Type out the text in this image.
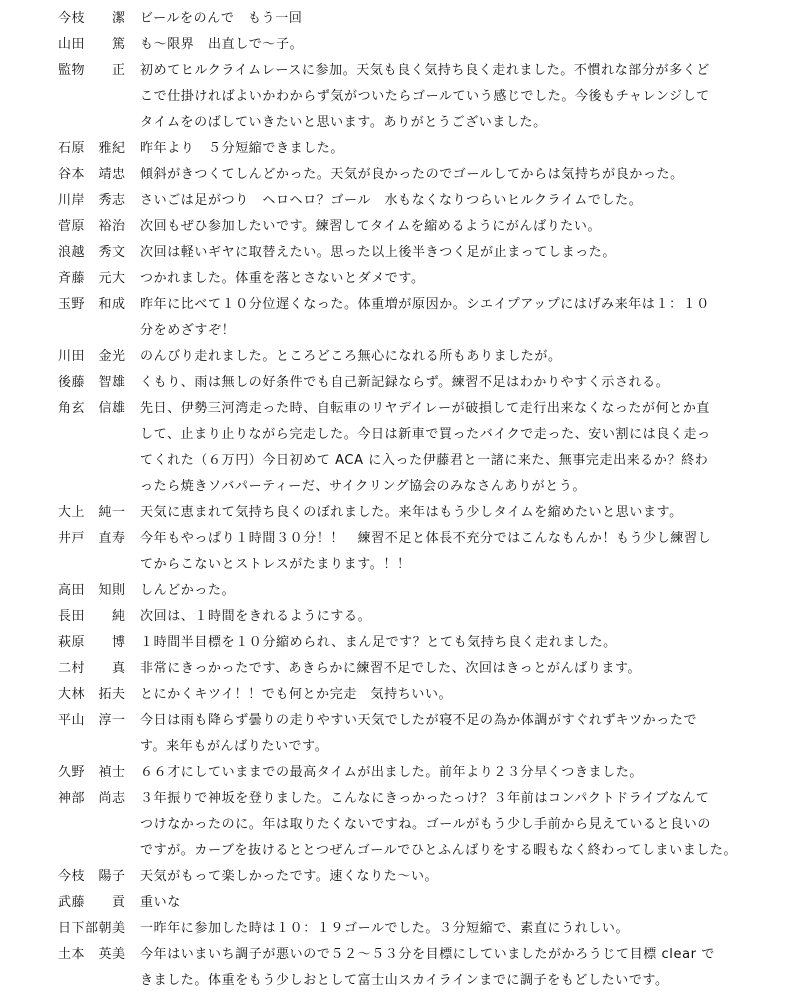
今枝　　潔	ビールをのんで　もう一回
山田　　篤	も～限界　出直しで～子。
監物　　正	初めてヒルクライムレースに参加。天気も良く気持ち良く走れました。不慣れな部分が多くど
こで仕掛ければよいかわからず気がついたらゴールていう感じでした。今後もチャレンジして
タイムをのばしていきたいと思います。ありがとうございました。
石原　雅紀	昨年より　５分短縮できました。
谷本　靖忠	傾斜がきつくてしんどかった。天気が良かったのでゴールしてからは気持ちが良かった。
川岸　秀志	さいごは足がつり　ヘロヘロ？ゴール　水もなくなりつらいヒルクライムでした。
菅原　裕治	次回もぜひ参加したいです。練習してタイムを縮めるようにがんばりたい。
浪越　秀文	次回は軽いギヤに取替えたい。思った以上後半きつく足が止まってしまった。
斉藤　元大	つかれました。体重を落とさないとダメです。
玉野　和成	昨年に比べて１０分位遅くなった。体重増が原因か。シエイプアップにはげみ来年は１：１０
分をめざすぞ！
川田　金光	のんびり走れました。ところどころ無心になれる所もありましたが。
後藤　智雄	くもり、雨は無しの好条件でも自己新記録ならず。練習不足はわかりやすく示される。
角玄　信雄	先日、伊勢三河湾走った時、自転車のリヤデイレーが破損して走行出来なくなったが何とか直
して、止まり止りながら完走した。今日は新車で買ったバイクで走った、安い割には良く走っ
てくれた（６万円）今日初めて ACA に入った伊藤君と一諸に来た、無事完走出来るか？終わ
ったら焼きソバパーティーだ、サイクリング協会のみなさんありがとう。
大上　純一	天気に恵まれて気持ち良くのぼれました。来年はもう少しタイムを縮めたいと思います。
井戸　直寿	今年もやっぱり１時間３０分！！　練習不足と体長不充分ではこんなもんか！もう少し練習し
てからこないとストレスがたまります。！！
高田　知則	しんどかった。
長田　　純	次回は、１時間をきれるようにする。
萩原　　博	１時間半目標を１０分縮められ、まん足です？とても気持ち良く走れました。
二村　　真	非常にきっかったです、あきらかに練習不足でした、次回はきっとがんばります。
大林　拓夫	とにかくキツイ！！でも何とか完走　気持ちいい。
平山　淳一	今日は雨も降らず曇りの走りやすい天気でしたが寝不足の為か体調がすぐれずキツかったで
す。来年もがんばりたいです。
久野　禎士	６６才にしていままでの最高タイムが出ました。前年より２３分早くつきました。
神部　尚志	３年振りで神坂を登りました。こんなにきっかったっけ？３年前はコンパクトドライブなんて
つけなかったのに。年は取りたくないですね。ゴールがもう少し手前から見えていると良いの
ですが。カーブを抜けるととつぜんゴールでひとふんばりをする暇もなく終わってしまいました。
今枝　陽子	天気がもって楽しかったです。速くなりた～い。
武藤　　貢	重いな
日下部朝美	一昨年に参加した時は１０：１９ゴールでした。３分短縮で、素直にうれしい。
土本　英美	今年はいまいち調子が悪いので５２～５３分を目標にしていましたがかろうじて目標 clear で
きました。体重をもう少しおとして富士山スカイラインまでに調子をもどしたいです。
